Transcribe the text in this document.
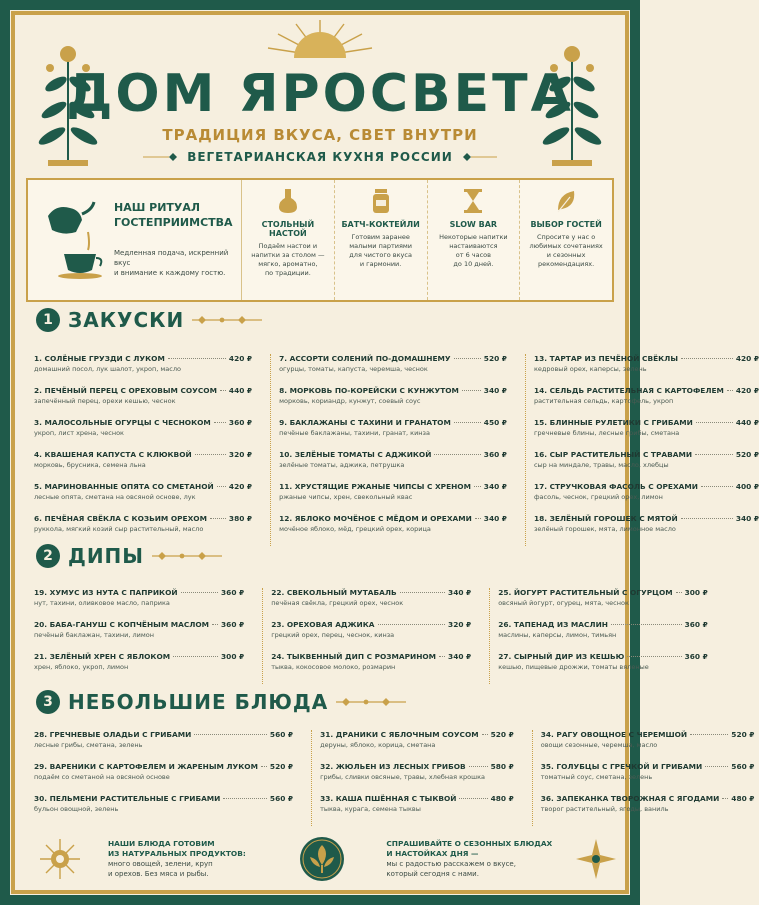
ДОМ ЯРОСВЕТА
ТРАДИЦИЯ ВКУСА, СВЕТ ВНУТРИ
ВЕГЕТАРИАНСКАЯ КУХНЯ РОССИИ
НАШ РИТУАЛ
ГОСТЕПРИИМСТВА
Медленная подача, искренний вкус
и внимание к каждому гостю.
СТОЛЬНЫЙ НАСТОЙ
Подаём настои и
напитки за столом —
мягко, ароматно,
по традиции.
БАТЧ-КОКТЕЙЛИ
Готовим заранее
малыми партиями
для чистого вкуса
и гармонии.
SLOW BAR
Некоторые напитки
настаиваются
от 6 часов
до 10 дней.
ВЫБОР ГОСТЕЙ
Спросите у нас о
любимых сочетаниях
и сезонных
рекомендациях.
1 ЗАКУСКИ
1. СОЛЁНЫЕ ГРУЗДИ С ЛУКОМ	420 ₽
домашний посол, лук шалот, укроп, масло
2. ПЕЧЁНЫЙ ПЕРЕЦ С ОРЕХОВЫМ СОУСОМ 440 ₽
запечённый перец, орехи кешью, чеснок
3. МАЛОСОЛЬНЫЕ ОГУРЦЫ С ЧЕСНОКОМ 360 ₽
укроп, лист хрена, чеснок
4. КВАШЕНАЯ КАПУСТА С КЛЮКВОЙ	320 ₽
морковь, брусника, семена льна
5. МАРИНОВАННЫЕ ОПЯТА СО СМЕТАНОЙ 420 ₽
лесные опята, сметана на овсяной основе, лук
6. ПЕЧЁНАЯ СВЁКЛА С КОЗЬИМ ОРЕХОМ	380 ₽
руккола, мягкий козий сыр растительный, масло
7. АССОРТИ СОЛЕНИЙ ПО-ДОМАШНЕМУ	520 ₽
огурцы, томаты, капуста, черемша, чеснок
8. МОРКОВЬ ПО-КОРЕЙСКИ С КУНЖУТОМ	340 ₽
морковь, кориандр, кунжут, соевый соус
9. БАКЛАЖАНЫ С ТАХИНИ И ГРАНАТОМ	450 ₽
печёные баклажаны, тахини, гранат, кинза
10. ЗЕЛЁНЫЕ ТОМАТЫ С АДЖИКОЙ	360 ₽
зелёные томаты, аджика, петрушка
11. ХРУСТЯЩИЕ РЖАНЫЕ ЧИПСЫ С ХРЕНОМ 340 ₽
ржаные чипсы, хрен, свекольный квас
12. ЯБЛОКО МОЧЁНОЕ С МЁДОМ И ОРЕХАМИ 340 ₽
мочёное яблоко, мёд, грецкий орех, корица
13. ТАРТАР ИЗ ПЕЧЁНОЙ СВЁКЛЫ	420 ₽
кедровый орех, каперсы, зелень
14. СЕЛЬДЬ РАСТИТЕЛЬНАЯ С КАРТОФЕЛЕМ 420 ₽
растительная сельдь, картофель, укроп
15. БЛИННЫЕ РУЛЕТИКИ С ГРИБАМИ	440 ₽
гречневые блины, лесные грибы, сметана
16. СЫР РАСТИТЕЛЬНЫЙ С ТРАВАМИ	520 ₽
сыр на миндале, травы, масло, хлебцы
17. СТРУЧКОВАЯ ФАСОЛЬ С ОРЕХАМИ	400 ₽
фасоль, чеснок, грецкий орех, лимон
18. ЗЕЛЁНЫЙ ГОРОШЕК С МЯТОЙ	340 ₽
зелёный горошек, мята, лимонное масло
2 ДИПЫ
19. ХУМУС ИЗ НУТА С ПАПРИКОЙ	360 ₽
нут, тахини, оливковое масло, паприка
20. БАБА-ГАНУШ С КОПЧЁНЫМ МАСЛОМ 360 ₽
печёный баклажан, тахини, лимон
21. ЗЕЛЁНЫЙ ХРЕН С ЯБЛОКОМ	300 ₽
хрен, яблоко, укроп, лимон
22. СВЕКОЛЬНЫЙ МУТАБАЛЬ	340 ₽
печёная свёкла, грецкий орех, чеснок
23. ОРЕХОВАЯ АДЖИКА	320 ₽
грецкий орех, перец, чеснок, кинза
24. ТЫКВЕННЫЙ ДИП С РОЗМАРИНОМ 340 ₽
тыква, кокосовое молоко, розмарин
25. ЙОГУРТ РАСТИТЕЛЬНЫЙ С ОГУРЦОМ 300 ₽
овсяный йогурт, огурец, мята, чеснок
26. ТАПЕНАД ИЗ МАСЛИН	360 ₽
маслины, каперсы, лимон, тимьян
27. СЫРНЫЙ ДИР ИЗ КЕШЬЮ	360 ₽
кешью, пищевые дрожжи, томаты вяленые
3 НЕБОЛЬШИЕ БЛЮДА
28. ГРЕЧНЕВЫЕ ОЛАДЬИ С ГРИБАМИ	560 ₽
лесные грибы, сметана, зелень
29. ВАРЕНИКИ С КАРТОФЕЛЕМ И ЖАРЕНЫМ ЛУКОМ 520 ₽
подаём со сметаной на овсяной основе
30. ПЕЛЬМЕНИ РАСТИТЕЛЬНЫЕ С ГРИБАМИ	560 ₽
бульон овощной, зелень
31. ДРАНИКИ С ЯБЛОЧНЫМ СОУСОМ 520 ₽
деруны, яблоко, корица, сметана
32. ЖЮЛЬЕН ИЗ ЛЕСНЫХ ГРИБОВ	580 ₽
грибы, сливки овсяные, травы, хлебная крошка
33. КАША ПШЁННАЯ С ТЫКВОЙ	480 ₽
тыква, курага, семена тыквы
34. РАГУ ОВОЩНОЕ С ЧЕРЕМШОЙ	520 ₽
овощи сезонные, черемша, масло
35. ГОЛУБЦЫ С ГРЕЧКОЙ И ГРИБАМИ	560 ₽
томатный соус, сметана, зелень
36. ЗАПЕКАНКА ТВОРОЖНАЯ С ЯГОДАМИ 480 ₽
творог растительный, ягоды, ваниль
НАШИ БЛЮДА ГОТОВИМ
ИЗ НАТУРАЛЬНЫХ ПРОДУКТОВ:
много овощей, зелени, круп
и орехов. Без мяса и рыбы.
СПРАШИВАЙТЕ О СЕЗОННЫХ БЛЮДАХ
И НАСТОЙКАХ ДНЯ —
мы с радостью расскажем о вкусе,
который сегодня с нами.
